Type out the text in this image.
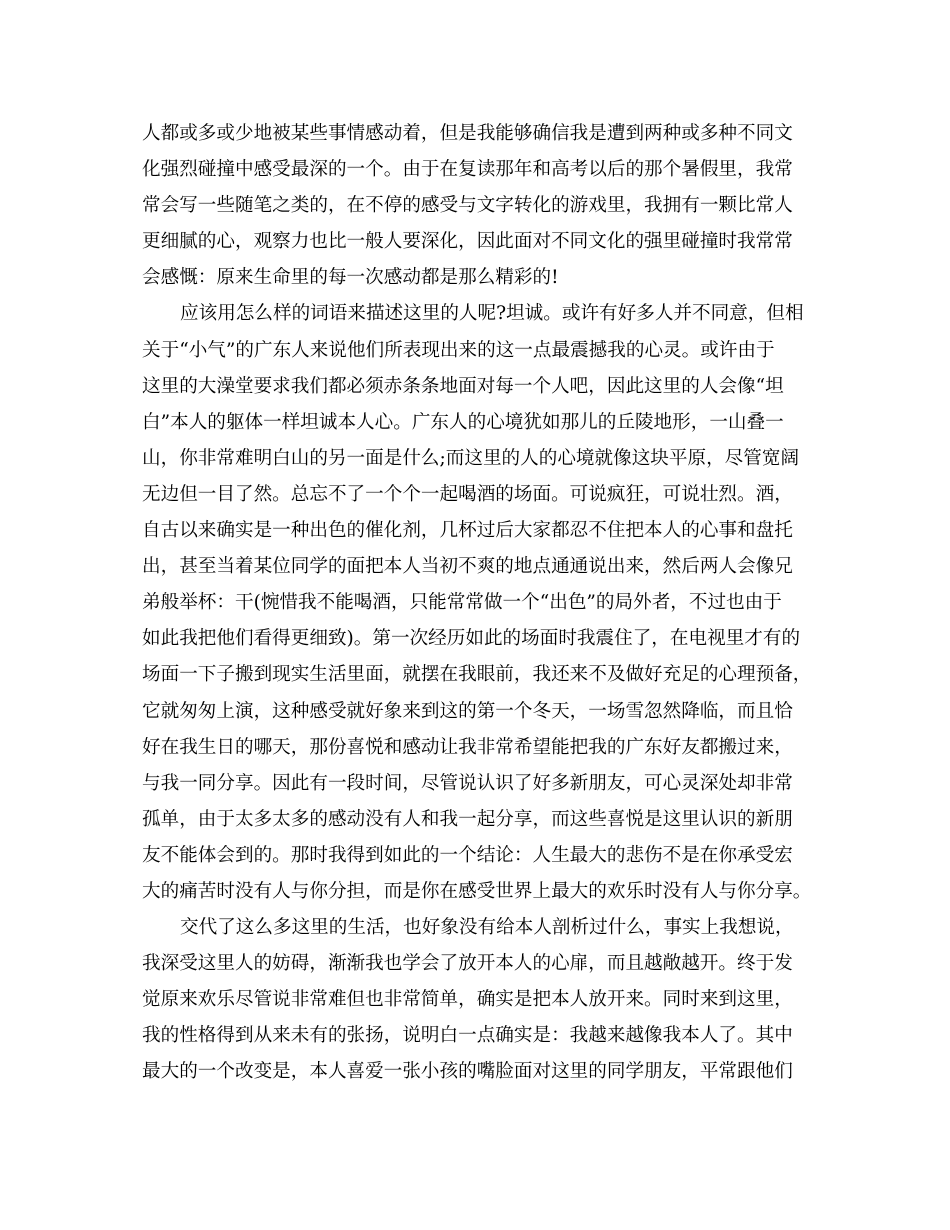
人都或多或少地被某些事情感动着，但是我能够确信我是遭到两种或多种不同文
化强烈碰撞中感受最深的一个。由于在复读那年和高考以后的那个暑假里，我常
常会写一些随笔之类的，在不停的感受与文字转化的游戏里，我拥有一颗比常人
更细腻的心，观察力也比一般人要深化，因此面对不同文化的强里碰撞时我常常
会感慨：原来生命里的每一次感动都是那么精彩的!
应该用怎么样的词语来描述这里的人呢?坦诚。或许有好多人并不同意，但相
关于“小气”的广东人来说他们所表现出来的这一点最震撼我的心灵。或许由于
这里的大澡堂要求我们都必须赤条条地面对每一个人吧，因此这里的人会像“坦
白”本人的躯体一样坦诚本人心。广东人的心境犹如那儿的丘陵地形，一山叠一
山，你非常难明白山的另一面是什么;而这里的人的心境就像这块平原，尽管宽阔
无边但一目了然。总忘不了一个个一起喝酒的场面。可说疯狂，可说壮烈。酒，
自古以来确实是一种出色的催化剂，几杯过后大家都忍不住把本人的心事和盘托
出，甚至当着某位同学的面把本人当初不爽的地点通通说出来，然后两人会像兄
弟般举杯：干(惋惜我不能喝酒，只能常常做一个“出色”的局外者，不过也由于
如此我把他们看得更细致)。第一次经历如此的场面时我震住了，在电视里才有的
场面一下子搬到现实生活里面，就摆在我眼前，我还来不及做好充足的心理预备，
它就匆匆上演，这种感受就好象来到这的第一个冬天，一场雪忽然降临，而且恰
好在我生日的哪天，那份喜悦和感动让我非常希望能把我的广东好友都搬过来，
与我一同分享。因此有一段时间，尽管说认识了好多新朋友，可心灵深处却非常
孤单，由于太多太多的感动没有人和我一起分享，而这些喜悦是这里认识的新朋
友不能体会到的。那时我得到如此的一个结论：人生最大的悲伤不是在你承受宏
大的痛苦时没有人与你分担，而是你在感受世界上最大的欢乐时没有人与你分享。
交代了这么多这里的生活，也好象没有给本人剖析过什么，事实上我想说，
我深受这里人的妨碍，渐渐我也学会了放开本人的心扉，而且越敞越开。终于发
觉原来欢乐尽管说非常难但也非常简单，确实是把本人放开来。同时来到这里，
我的性格得到从来未有的张扬，说明白一点确实是：我越来越像我本人了。其中
最大的一个改变是，本人喜爱一张小孩的嘴脸面对这里的同学朋友，平常跟他们
